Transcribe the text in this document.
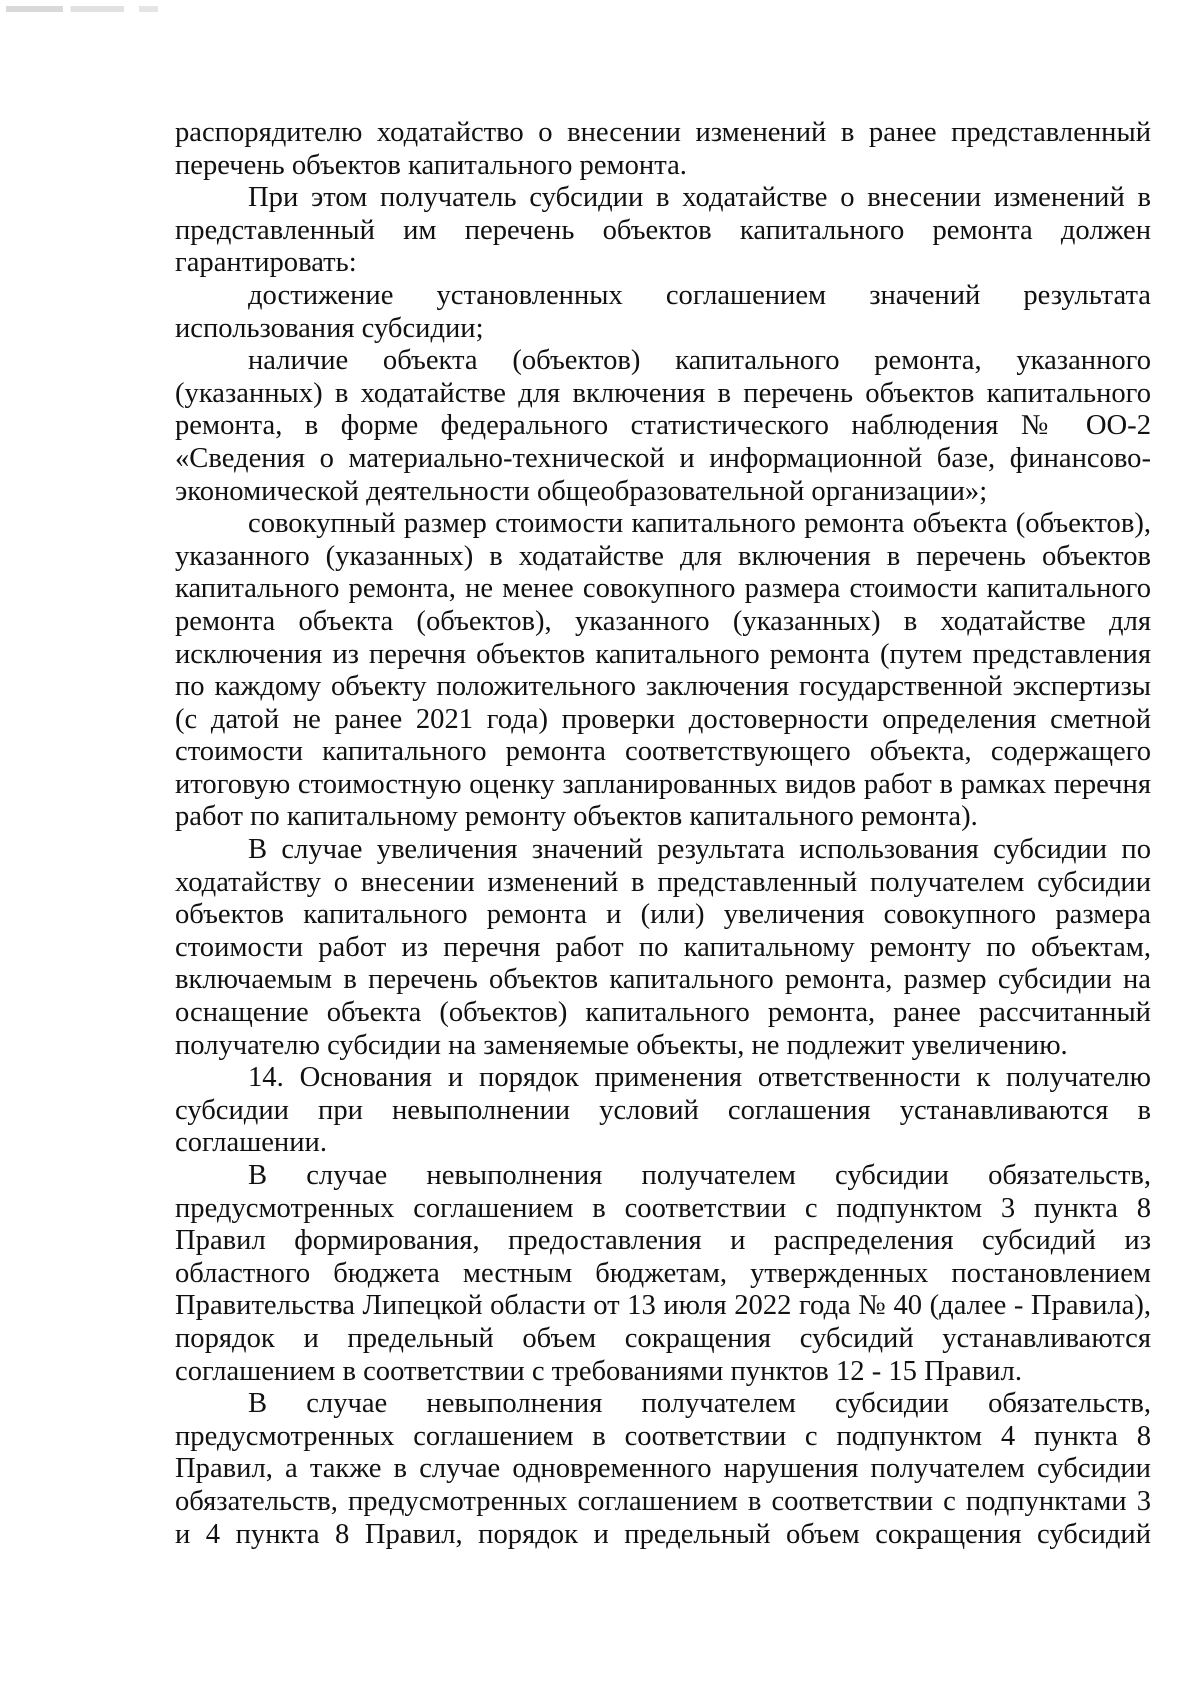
распорядителю ходатайство о внесении изменений в ранее представленный перечень объектов капитального ремонта.

При этом получатель субсидии в ходатайстве о внесении изменений в представленный им перечень объектов капитального ремонта должен гарантировать:

достижение установленных соглашением значений результата использования субсидии;

наличие объекта (объектов) капитального ремонта, указанного (указанных) в ходатайстве для включения в перечень объектов капитального ремонта, в форме федерального статистического наблюдения № ОО-2 «Сведения о материально-технической и информационной базе, финансово-экономической деятельности общеобразовательной организации»;

совокупный размер стоимости капитального ремонта объекта (объектов), указанного (указанных) в ходатайстве для включения в перечень объектов капитального ремонта, не менее совокупного размера стоимости капитального ремонта объекта (объектов), указанного (указанных) в ходатайстве для исключения из перечня объектов капитального ремонта (путем представления по каждому объекту положительного заключения государственной экспертизы (с датой не ранее 2021 года) проверки достоверности определения сметной стоимости капитального ремонта соответствующего объекта, содержащего итоговую стоимостную оценку запланированных видов работ в рамках перечня работ по капитальному ремонту объектов капитального ремонта).

В случае увеличения значений результата использования субсидии по ходатайству о внесении изменений в представленный получателем субсидии объектов капитального ремонта и (или) увеличения совокупного размера стоимости работ из перечня работ по капитальному ремонту по объектам, включаемым в перечень объектов капитального ремонта, размер субсидии на оснащение объекта (объектов) капитального ремонта, ранее рассчитанный получателю субсидии на заменяемые объекты, не подлежит увеличению.

14. Основания и порядок применения ответственности к получателю субсидии при невыполнении условий соглашения устанавливаются в соглашении.

В случае невыполнения получателем субсидии обязательств, предусмотренных соглашением в соответствии с подпунктом 3 пункта 8 Правил формирования, предоставления и распределения субсидий из областного бюджета местным бюджетам, утвержденных постановлением Правительства Липецкой области от 13 июля 2022 года № 40 (далее - Правила), порядок и предельный объем сокращения субсидий устанавливаются соглашением в соответствии с требованиями пунктов 12 - 15 Правил.

В случае невыполнения получателем субсидии обязательств, предусмотренных соглашением в соответствии с подпунктом 4 пункта 8 Правил, а также в случае одновременного нарушения получателем субсидии обязательств, предусмотренных соглашением в соответствии с подпунктами 3 и 4 пункта 8 Правил, порядок и предельный объем сокращения субсидий
